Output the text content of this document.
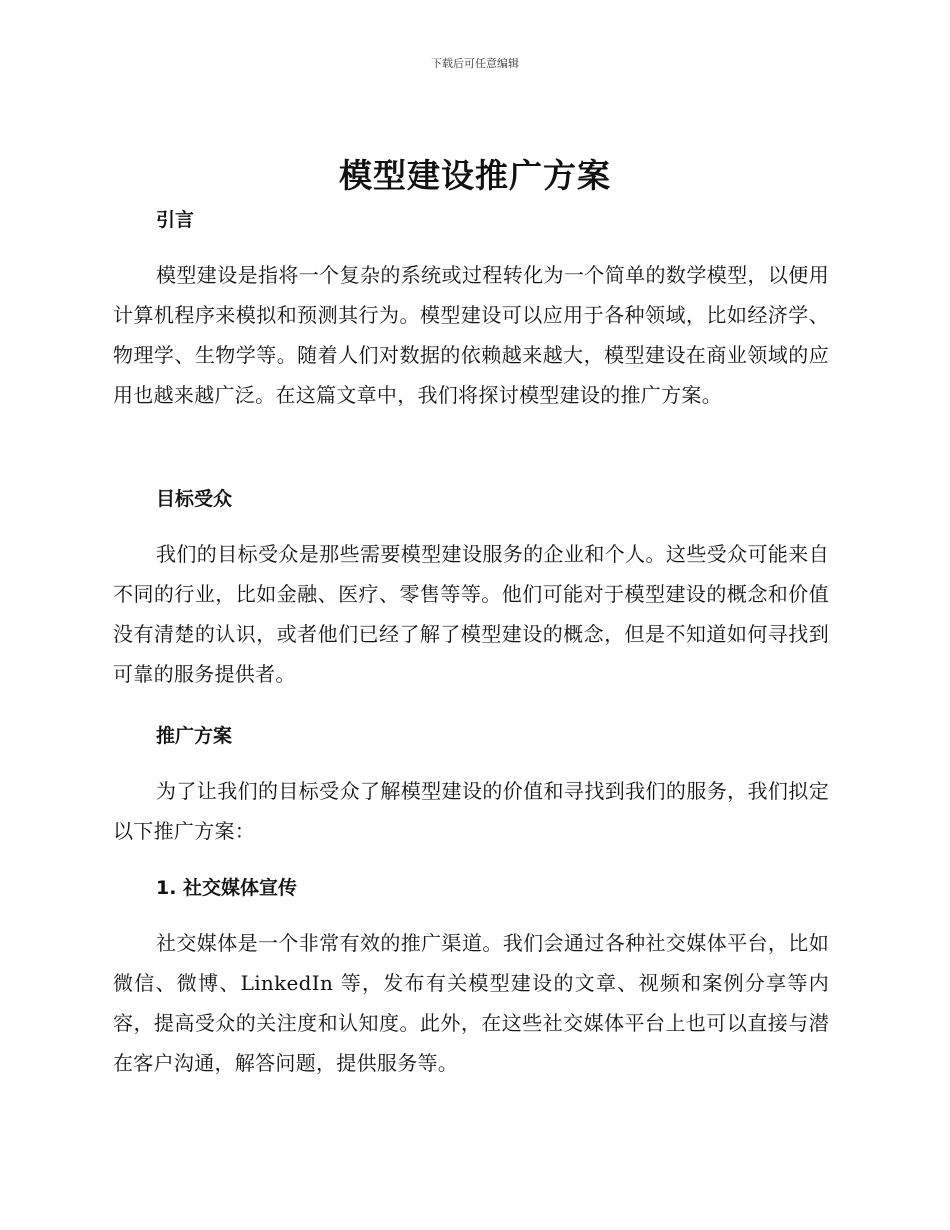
下载后可任意编辑
模型建设推广方案
引言

模型建设是指将一个复杂的系统或过程转化为一个简单的数学模型，以便用计算机程序来模拟和预测其行为。模型建设可以应用于各种领域，比如经济学、物理学、生物学等。随着人们对数据的依赖越来越大，模型建设在商业领域的应用也越来越广泛。在这篇文章中，我们将探讨模型建设的推广方案。

目标受众

我们的目标受众是那些需要模型建设服务的企业和个人。这些受众可能来自不同的行业，比如金融、医疗、零售等等。他们可能对于模型建设的概念和价值没有清楚的认识，或者他们已经了解了模型建设的概念，但是不知道如何寻找到可靠的服务提供者。

推广方案

为了让我们的目标受众了解模型建设的价值和寻找到我们的服务，我们拟定以下推广方案：

1. 社交媒体宣传

社交媒体是一个非常有效的推广渠道。我们会通过各种社交媒体平台，比如微信、微博、LinkedIn 等，发布有关模型建设的文章、视频和案例分享等内容，提高受众的关注度和认知度。此外，在这些社交媒体平台上也可以直接与潜在客户沟通，解答问题，提供服务等。
